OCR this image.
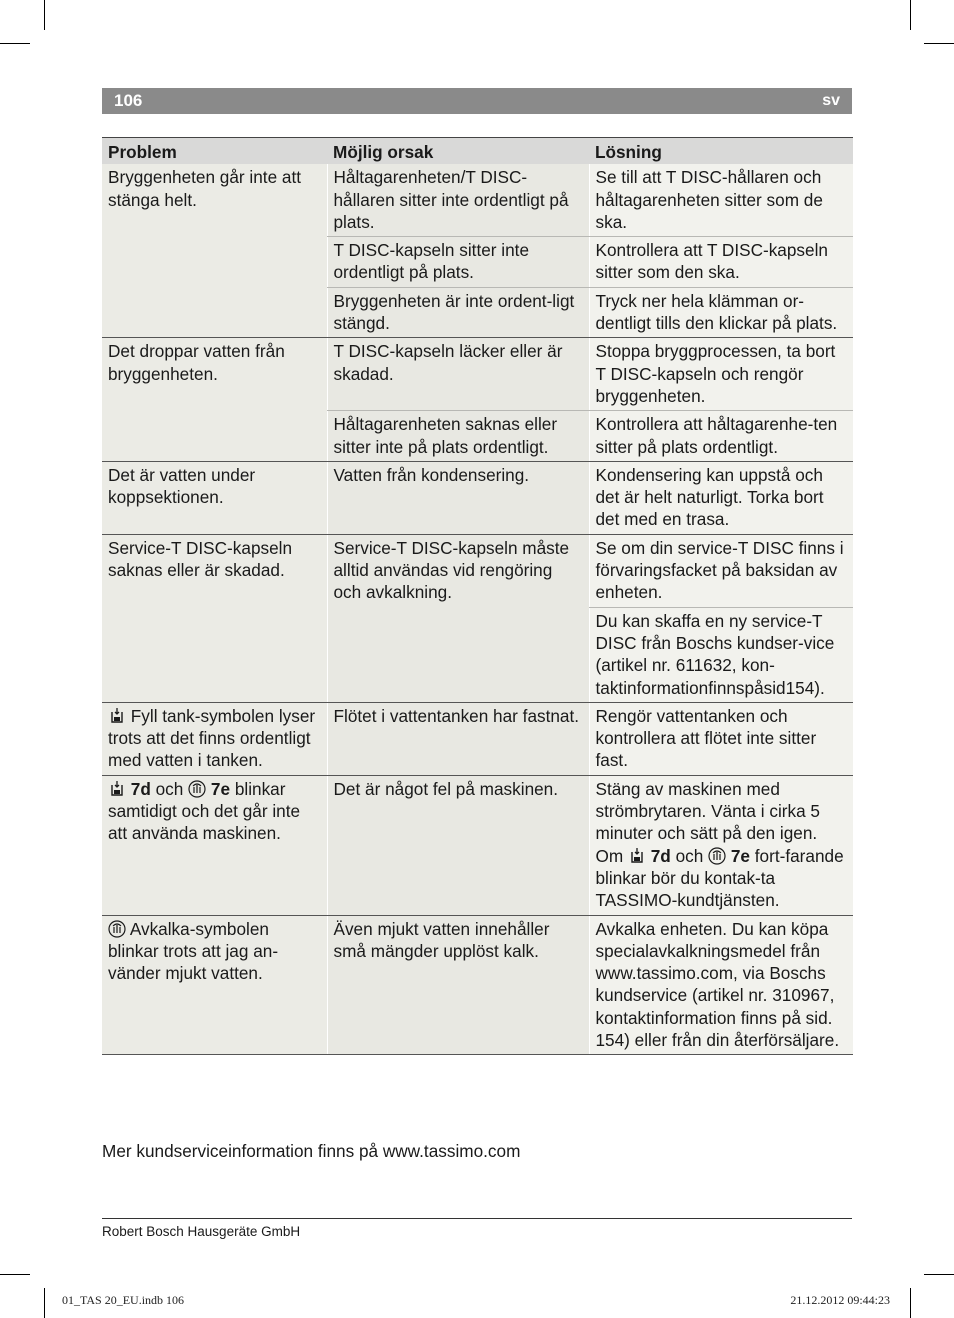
106	sv
Problem	Möjlig orsak	Lösning
Bryggenheten går inte att stänga helt.	Håltagarenheten/T DISC-hållaren sitter inte ordentligt på plats.	Se till att T DISC-hållaren och håltagarenheten sitter som de ska.
	T DISC-kapseln sitter inte ordentligt på plats.	Kontrollera att T DISC-kapseln sitter som den ska.
	Bryggenheten är inte ordent-ligt stängd.	Tryck ner hela klämman or-dentligt tills den klickar på plats.
Det droppar vatten från bryggenheten.	T DISC-kapseln läcker eller är skadad.	Stoppa bryggprocessen, ta bort T DISC-kapseln och rengör bryggenheten.
	Håltagarenheten saknas eller sitter inte på plats ordentligt.	Kontrollera att håltagarenhe-ten sitter på plats ordentligt.
Det är vatten under koppsektionen.	Vatten från kondensering.	Kondensering kan uppstå och det är helt naturligt. Torka bort det med en trasa.
Service-T DISC-kapseln saknas eller är skadad.	Service-T DISC-kapseln måste alltid användas vid rengöring och avkalkning.	Se om din service-T DISC finns i förvaringsfacket på baksidan av enheten.
		Du kan skaffa en ny service-T DISC från Boschs kundser-vice (artikel nr. 611632, kon-taktinformationfinnspåsid154).

Fyll tank-symbolen lyser trots att det finns ordentligt med vatten i tanken.	Flötet i vattentanken har fastnat.	Rengör vattentanken och kontrollera att flötet inte sitter fast.

7d och 7e blinkar samtidigt och det går inte att använda maskinen.	Det är något fel på maskinen.	Stäng av maskinen med strömbrytaren. Vänta i cirka 5 minuter och sätt på den igen. Om 7d och 7e fort-farande blinkar bör du kontak-ta TASSIMO-kundtjänsten.

Avkalka-symbolen blinkar trots att jag an-vänder mjukt vatten.	Även mjukt vatten innehåller små mängder upplöst kalk.	Avkalka enheten. Du kan köpa specialavkalkningsmedel från www.tassimo.com, via Boschs kundservice (artikel nr. 310967, kontaktinformation finns på sid. 154) eller från din återförsäljare.
Mer kundserviceinformation finns på www.tassimo.com
Robert Bosch Hausgeräte GmbH
01_TAS 20_EU.indb 106	21.12.2012 09:44:23
